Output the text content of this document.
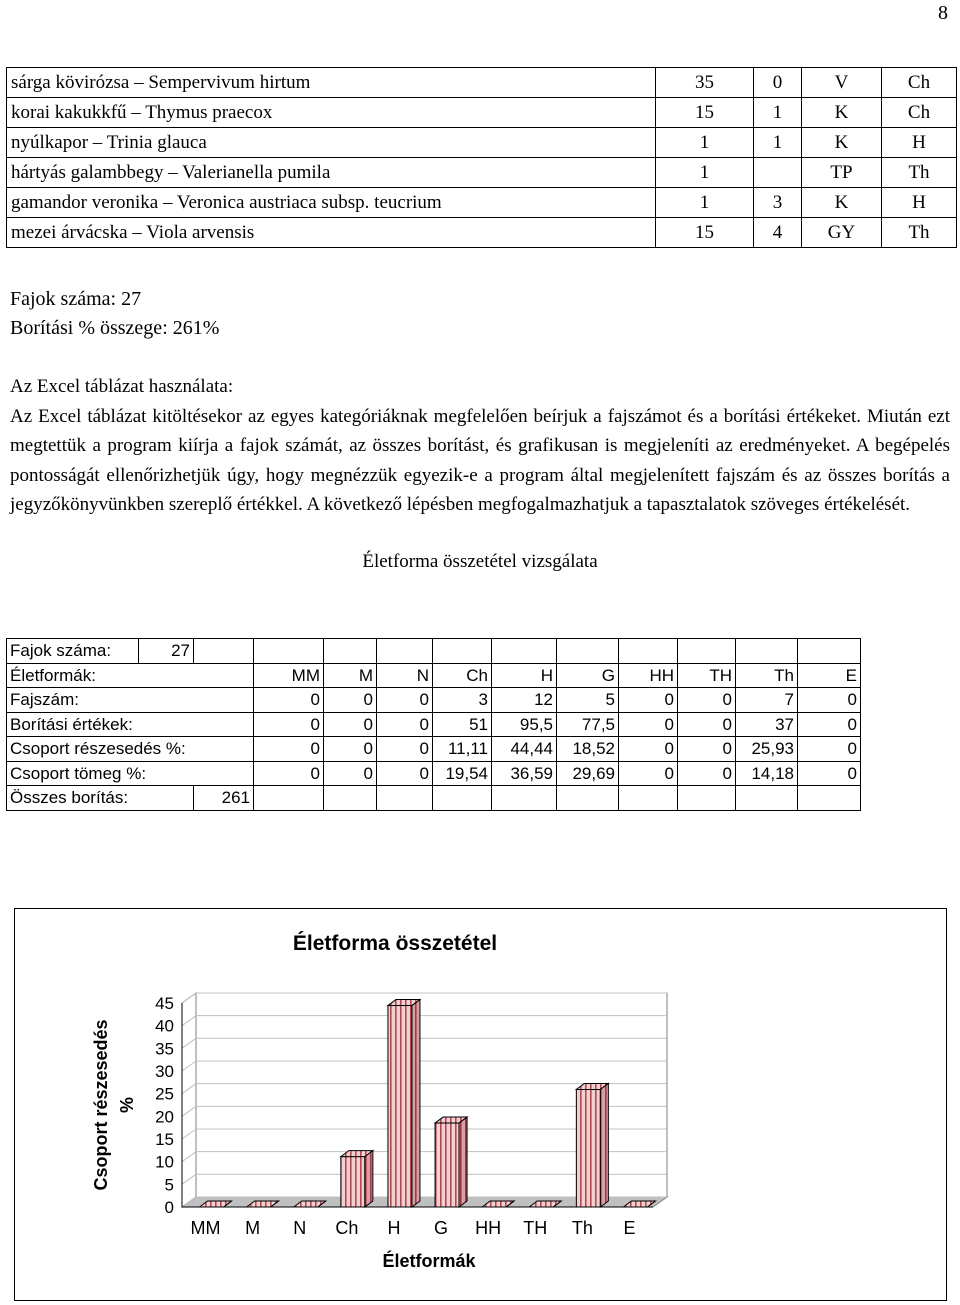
8
sárga kövirózsa – Sempervivum hirtum	35	0	V	Ch
korai kakukkfű – Thymus praecox	15	1	K	Ch
nyúlkapor – Trinia glauca	1	1	K	H
hártyás galambbegy – Valerianella pumila	1		TP	Th
gamandor veronika – Veronica austriaca subsp. teucrium	1	3	K	H
mezei árvácska – Viola arvensis	15	4	GY	Th
Fajok száma: 27
Borítási % összege: 261%
Az Excel táblázat használata:

Az Excel táblázat kitöltésekor az egyes kategóriáknak megfelelően beírjuk a fajszámot és a borítási értékeket. Miután ezt megtettük a program kiírja a fajok számát, az összes borítást, és grafikusan is megjeleníti az eredményeket. A begépelés pontosságát ellenőrizhetjük úgy, hogy megnézzük egyezik-e a program által megjelenített fajszám és az összes borítás a jegyzőkönyvünkben szereplő értékkel. A következő lépésben megfogalmazhatjuk a tapasztalatok szöveges értékelését.

Életforma összetétel vizsgálata
Fajok száma:	27											
Életformák:			MM	M	N	Ch	H	G	HH	TH	Th	E
Fajszám:			0	0	0	3	12	5	0	0	7	0
Borítási értékek:			0	0	0	51	95,5	77,5	0	0	37	0
Csoport részesedés %:			0	0	0	11,11	44,44	18,52	0	0	25,93	0
Csoport tömeg %:			0	0	0	19,54	36,59	29,69	0	0	14,18	0
Összes borítás:		261										
Életforma összetétel
0
5
10
15
20
25
30
35
40
45
MM M N Ch H G HH TH Th E
Életformák
Csoport részesedés %
